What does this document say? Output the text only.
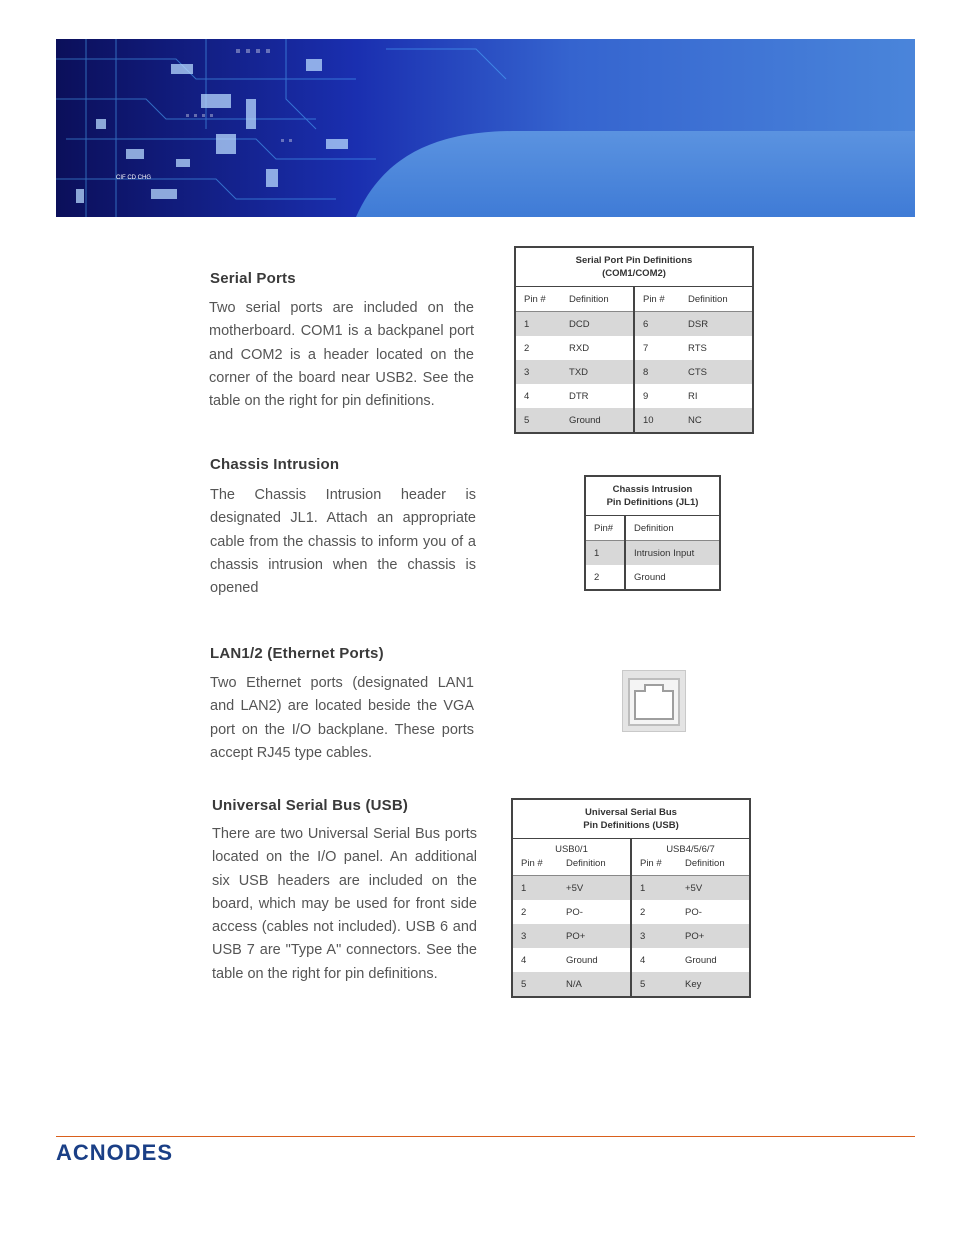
CIF CD CHG
Serial Ports

Two serial ports are included on the motherboard. COM1 is a backpanel port and COM2 is a header located on the corner of the board near USB2. See the table on the right for pin definitions.

Serial Port Pin Definitions
(COM1/COM2)			
Pin #	Definition	Pin #	Definition
1	DCD	6	DSR
2	RXD	7	RTS
3	TXD	8	CTS
4	DTR	9	RI
5	Ground	10	NC
Chassis Intrusion

The Chassis Intrusion header is designated JL1. Attach an appropriate cable from the chassis to inform you of a chassis intrusion when the chassis is opened

Chassis Intrusion
Pin Definitions (JL1)	
Pin#	Definition
1	Intrusion Input
2	Ground
LAN1/2 (Ethernet Ports)

Two Ethernet ports (designated LAN1 and LAN2) are located beside the VGA port on the I/O backplane. These ports accept RJ45 type cables.

Universal Serial Bus (USB)

There are two Universal Serial Bus ports located on the I/O panel. An additional six USB headers are included on the board, which may be used for front side access (cables not included). USB 6 and USB 7 are "Type A" connectors. See the table on the right for pin definitions.

Universal Serial Bus
Pin Definitions (USB)			
USB0/1		USB4/5/6/7	
Pin #	Definition	Pin #	Definition
1	+5V	1	+5V
2	PO-	2	PO-
3	PO+	3	PO+
4	Ground	4	Ground
5	N/A	5	Key
ACNODES
